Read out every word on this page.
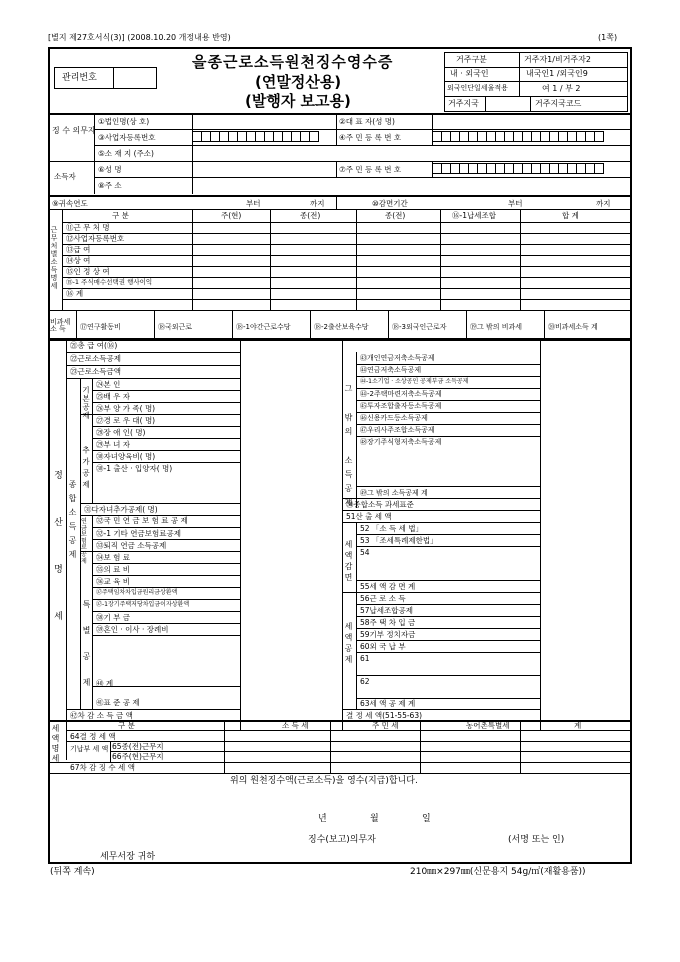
[별지 제27호서식(3)] (2008.10.20 개정내용 반영)	(1쪽)
관리번호
을종근로소득원천징수영수증
(연말정산용)
(발행자 보고용)
거주구분	거주자1/비거주자2
내 · 외국인	내국인1 /외국인9
외국인단일세율적용	여 1 / 부 2
거주지국	거주지국코드
징 수 의무자
①법인명(상 호)	②대 표 자(성 명)
③사업자등록번호	④주 민 등 록 번 호
⑤소 재 지 (주소)
소득자
⑥성 명	⑦주 민 등 록 번 호
⑧주 소
⑨귀속연도	부터	까지	⑩감면기간	부터	까지
근무처별소득명세
구 분	주(현)	종(전)	종(전)	⑯-1납세조합	합 계
⑪근 무 처 명
⑫사업자등록번호
⑬급 여
⑭상 여
⑮인 정 상 여
⑮-1 주식매수선택권 행사이익
⑯ 계
비과세 소 득	⑰연구활동비	⑱국외근로	⑱-1야간근로수당	⑱-2출산보육수당	⑱-3외국인근로자	⑲그 밖의 비과세	⑳비과세소득 계
정 산 명 세
㉑총 급 여(⑯)
㉒근로소득공제
㉓근로소득금액
종합소득공제
기본공제
㉔본 인
㉕배 우 자
㉖부 양 가 족( 명)
추가공제
㉗경 로 우 대( 명)
㉘장 애 인( 명)
㉙부 녀 자
㉚자녀양육비( 명)
㉚-1 출산 · 입양자( 명)
㉛다자녀추가공제( 명)
연금보험료공제
㉜국 민 연 금 보 험 료 공 제
㉜-1 기타 연금보험료공제
㉝퇴직 연금 소득공제
특별공제
㉞보 험 료
㉟의 료 비
㊱교 육 비
㊲주택임차차입금원리금상환액
㊲-1장기주택저당차입금이자상환액
㊳기 부 금
㊴혼인 · 이사 · 장례비
㊵ 계
㊶표 준 공 제
㊷차 감 소 득 금 액
그 밖의 소득공제
㊸개인연금저축소득공제
㊹연금저축소득공제
㊹-1소기업 · 소상공인 공제부금 소득공제
㊹-2주택마련저축소득공제
㊺투자조합출자등소득공제
㊻신용카드등소득공제
㊼우리사주조합소득공제
㊽장기주식형저축소득공제
㊾그 밖의 소득공제 계
㊿종합소득 과세표준
51산 출 세 액
세액감면
52 「소 득 세 법」
53 「조세특례제한법」
54
55세 액 감 면 계
세액공제
56근 로 소 득
57납세조합공제
58주 택 차 입 금
59기부 정치자금
60외 국 납 부
61
62
63세 액 공 제 계
결 정 세 액(51-55-63)
세액명세	구 분	소 득 세	주 민 세	농어촌특별세	계
64결 정 세 액
기납부 세 액 65종(전)근무지
66주(현)근무지
67차 감 징 수 세 액
위의 원천징수액(근로소득)을 영수(지급)합니다.
년	월	일
징수(보고)의무자	(서명 또는 인)
세무서장 귀하
(뒤쪽 계속)	210㎜×297㎜(신문용지 54g/㎡(재활용품))
